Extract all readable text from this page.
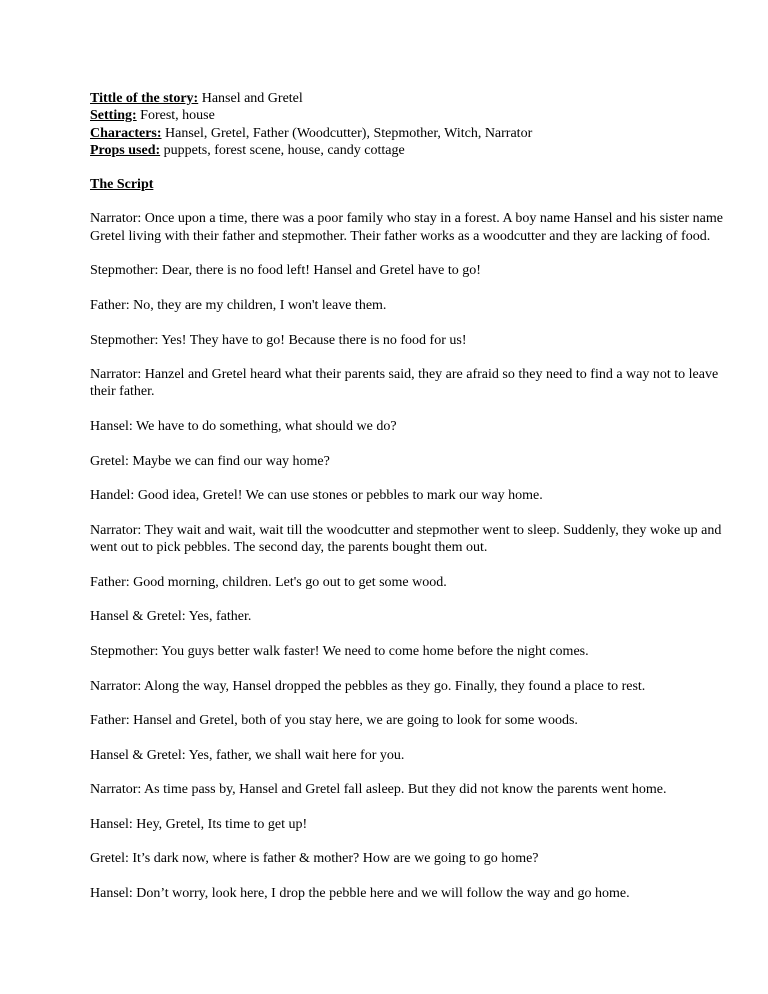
Tittle of the story: Hansel and Gretel

Setting: Forest, house

Characters: Hansel, Gretel, Father (Woodcutter), Stepmother, Witch, Narrator

Props used: puppets, forest scene, house, candy cottage

The Script

Narrator: Once upon a time, there was a poor family who stay in a forest. A boy name Hansel and his sister name Gretel living with their father and stepmother. Their father works as a woodcutter and they are lacking of food.

Stepmother: Dear, there is no food left! Hansel and Gretel have to go!

Father: No, they are my children, I won't leave them.

Stepmother: Yes! They have to go! Because there is no food for us!

Narrator: Hanzel and Gretel heard what their parents said, they are afraid so they need to find a way not to leave their father.

Hansel: We have to do something, what should we do?

Gretel: Maybe we can find our way home?

Handel: Good idea, Gretel! We can use stones or pebbles to mark our way home.

Narrator: They wait and wait, wait till the woodcutter and stepmother went to sleep. Suddenly, they woke up and went out to pick pebbles. The second day, the parents bought them out.

Father: Good morning, children. Let's go out to get some wood.

Hansel & Gretel: Yes, father.

Stepmother: You guys better walk faster! We need to come home before the night comes.

Narrator: Along the way, Hansel dropped the pebbles as they go. Finally, they found a place to rest.

Father: Hansel and Gretel, both of you stay here, we are going to look for some woods.

Hansel & Gretel: Yes, father, we shall wait here for you.

Narrator: As time pass by, Hansel and Gretel fall asleep. But they did not know the parents went home.

Hansel: Hey, Gretel, Its time to get up!

Gretel: It’s dark now, where is father & mother? How are we going to go home?

Hansel: Don’t worry, look here, I drop the pebble here and we will follow the way and go home.
